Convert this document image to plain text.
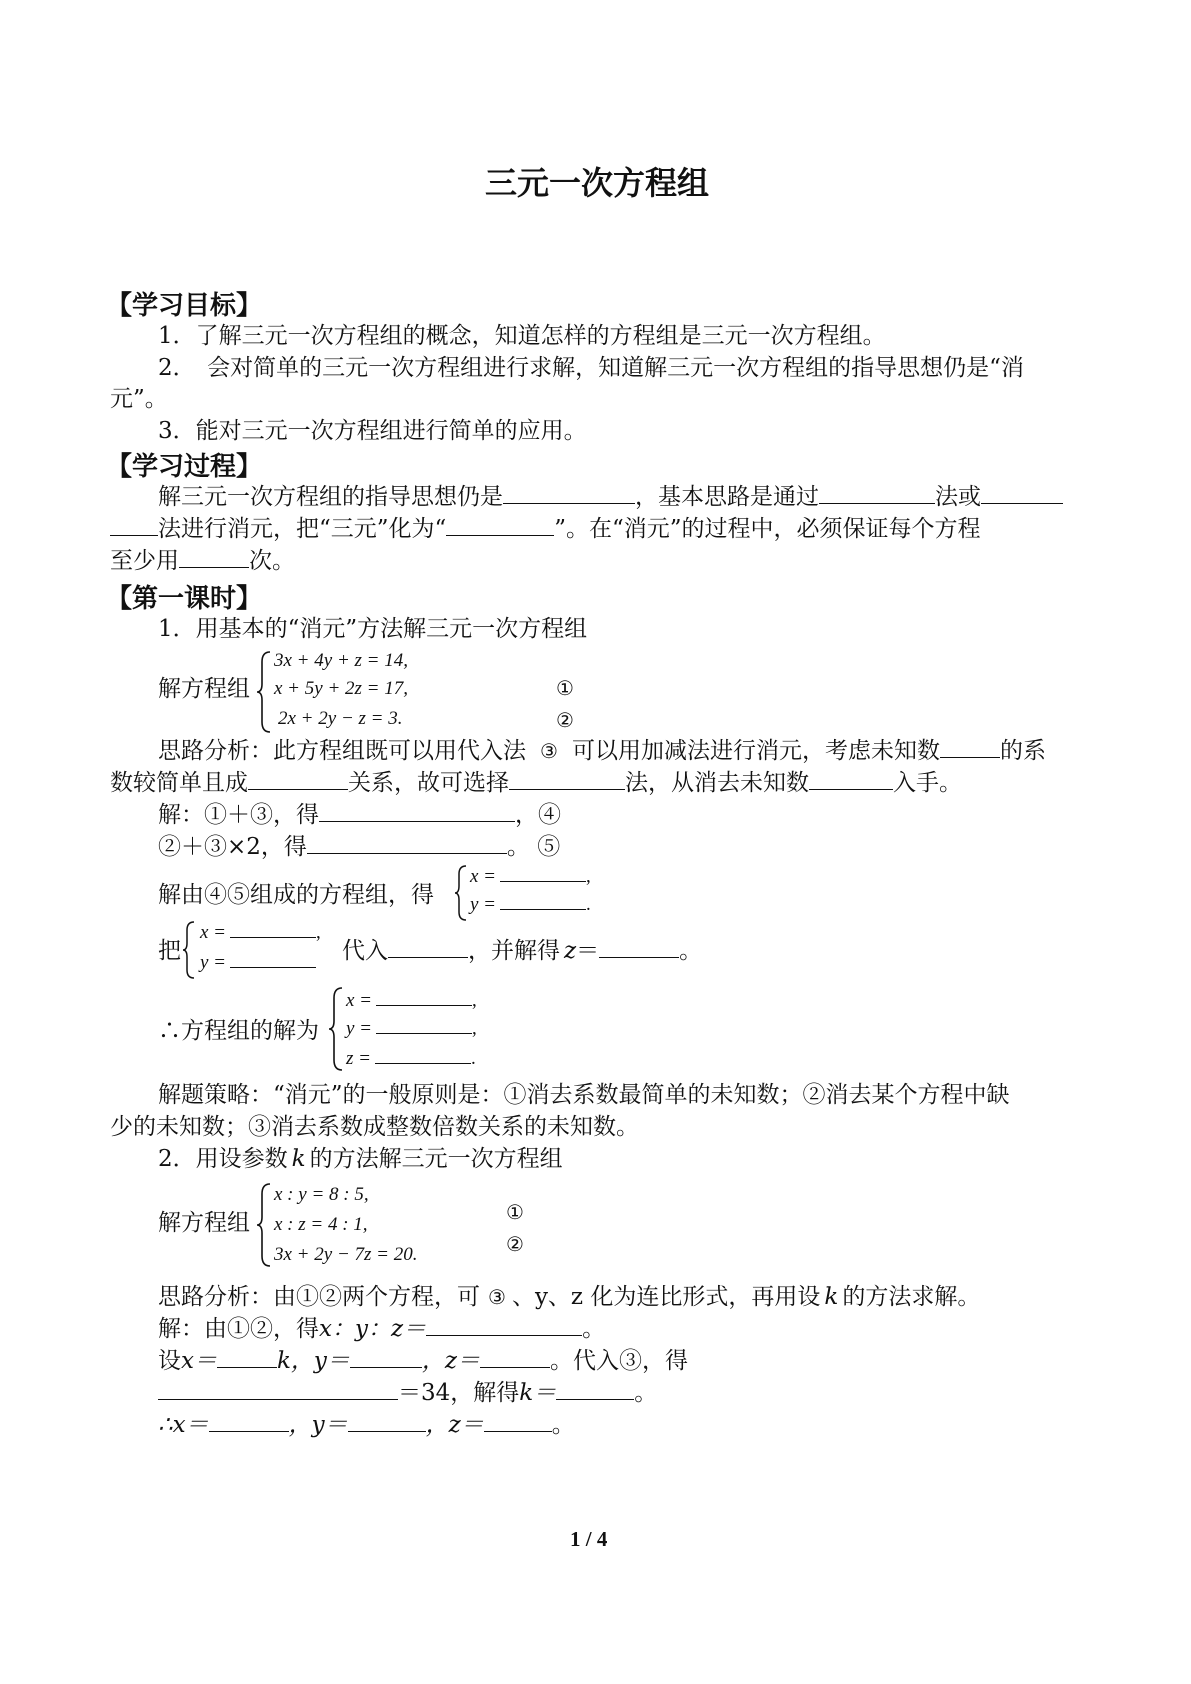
三元一次方程组
【学习目标】
1．了解三元一次方程组的概念，知道怎样的方程组是三元一次方程组。
2．　会对简单的三元一次方程组进行求解，知道解三元一次方程组的指导思想仍是“消
元”。
3．能对三元一次方程组进行简单的应用。
【学习过程】
解三元一次方程组的指导思想仍是	，基本思路是通过	法或
法进行消元，把“三元”化为“	”。在“消元”的过程中，必须保证每个方程
至少用	次。
【第一课时】
1．用基本的“消元”方法解三元一次方程组
解方程组
3x + 4y + z = 14,
x + 5y + 2z = 17,
2x + 2y − z = 3.
①
②
思路分析：此方程组既可以用代入法 ③ 可以用加减法进行消元，考虑未知数	的系
数较简单且成	关系，故可选择	法，从消去未知数	入手。
解：①＋③，得	，④
②＋③×2，得	。 ⑤
解由④⑤组成的方程组，得
x =	,
y =	.
把
x =	,
y =	代入	，并解得 z＝	。
∴方程组的解为
x =	,
y =	,
z =	.
解题策略：“消元”的一般原则是：①消去系数最简单的未知数；②消去某个方程中缺
少的未知数；③消去系数成整数倍数关系的未知数。
2．用设参数 k 的方法解三元一次方程组
解方程组
x : y = 8 : 5,
x : z = 4 : 1,
3x + 2y − 7z = 20.
①
②
思路分析：由①②两个方程，可 ③ 、y、z 化为连比形式，再用设 k 的方法求解。
解：由①②，得x：y：z＝	。
设x＝	k，y＝	，z＝	。代入③，得
＝34，解得k＝	。
∴x＝	，y＝	，z＝	。
1 / 4
